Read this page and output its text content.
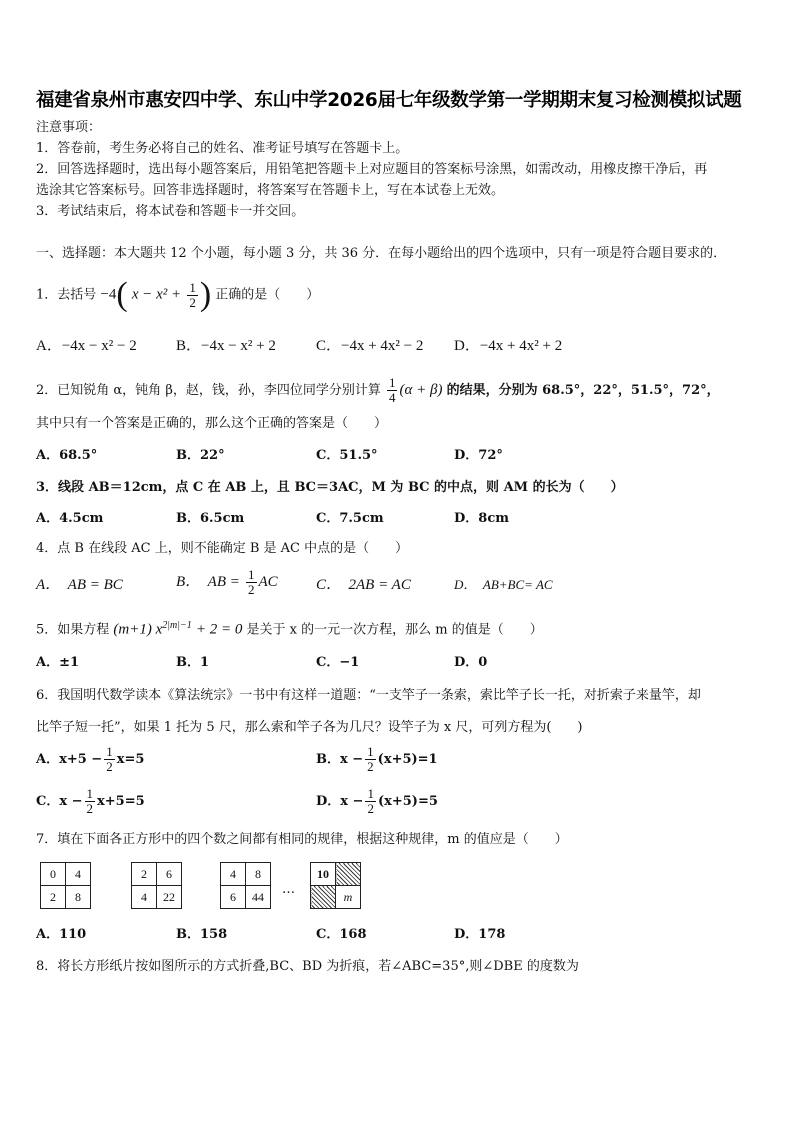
福建省泉州市惠安四中学、东山中学2026届七年级数学第一学期期末复习检测模拟试题
注意事项：
1．答卷前，考生务必将自己的姓名、准考证号填写在答题卡上。
2．回答选择题时，选出每小题答案后，用铅笔把答题卡上对应题目的答案标号涂黑，如需改动，用橡皮擦干净后，再
选涂其它答案标号。回答非选择题时，将答案写在答题卡上，写在本试卷上无效。
3．考试结束后，将本试卷和答题卡一并交回。
一、选择题：本大题共 12 个小题，每小题 3 分，共 36 分．在每小题给出的四个选项中，只有一项是符合题目要求的．
1．去括号 −4( $x - x^2 + \frac{1}{2}$ ) 正确的是（　　）
A．−4x − x² − 2	B．−4x − x² + 2	C．−4x + 4x² − 2 D．−4x + 4x² + 2
2．已知锐角 α，钝角 β，赵，钱，孙，李四位同学分别计算 $\frac{1}{4} (\alpha + \beta)$ 的结果，分别为 68.5°，22°，51.5°，72°，
其中只有一个答案是正确的，那么这个正确的答案是（　　）
A．68.5°	B．22°	C．51.5°	D．72°
3．线段 AB＝12cm，点 C 在 AB 上，且 BC＝3AC，M 为 BC 的中点，则 AM 的长为（　　）
A．4.5cm	B．6.5cm	C．7.5cm	D．8cm
4．点 B 在线段 AC 上，则不能确定 B 是 AC 中点的是（　　）
A．　AB = BC	B．　AB = $\frac{1}{2}$ AC	C．　2AB = AC	D．　AB+BC= AC
5．如果方程 (m+1) $x^{2|m|-1} + 2 = 0$ 是关于 x 的一元一次方程，那么 m 的值是（　　）
A．±1	B．1	C．−1	D．0
6．我国明代数学读本《算法统宗》一书中有这样一道题：“一支竿子一条索，索比竿子长一托，对折索子来量竿，却
比竿子短一托”，如果 1 托为 5 尺，那么索和竿子各为几尺？设竿子为 x 尺，可列方程为(　　)
A．$x+5 - \frac{1}{2} x=5$	B．$x - \frac{1}{2} (x+5)=1$
C．$x - \frac{1}{2} x+5=5$	D．$x - \frac{1}{2} (x+5)=5$
7．填在下面各正方形中的四个数之间都有相同的规律，根据这种规律，m 的值应是（　　）
0	4
2	8
2	6
4	22
4	8
6	44 …
10	
	m
A．110	B．158	C．168	D．178
8．将长方形纸片按如图所示的方式折叠,BC、BD 为折痕，若∠ABC=35°,则∠DBE 的度数为
